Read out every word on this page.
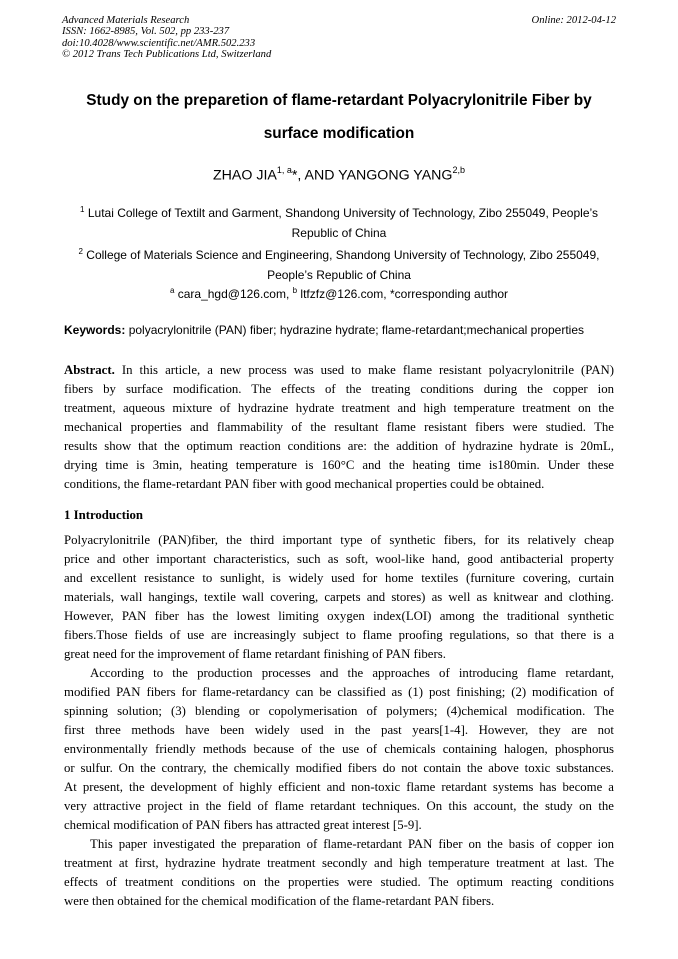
Advanced Materials Research
ISSN: 1662-8985, Vol. 502, pp 233-237
doi:10.4028/www.scientific.net/AMR.502.233
© 2012 Trans Tech Publications Ltd, Switzerland
Online: 2012-04-12
Study on the preparetion of flame-retardant Polyacrylonitrile Fiber by
surface modification
ZHAO JIA$^{1, a}$*, AND YANGONG YANG$^{2,b}$
$^1$ Lutai College of Textilt and Garment, Shandong University of Technology, Zibo 255049, People’s
Republic of China
$^2$ College of Materials Science and Engineering, Shandong University of Technology, Zibo 255049,
People’s Republic of China
$^a$ cara_hgd@126.com, $^b$ ltfzfz@126.com, *corresponding author
Keywords: polyacrylonitrile (PAN) fiber; hydrazine hydrate; flame-retardant;mechanical properties
Abstract. In this article, a new process was used to make flame resistant polyacrylonitrile (PAN)
fibers by surface modification. The effects of the treating conditions during the copper ion
treatment, aqueous mixture of hydrazine hydrate treatment and high temperature treatment on the
mechanical properties and flammability of the resultant flame resistant fibers were studied. The
results show that the optimum reaction conditions are: the addition of hydrazine hydrate is 20mL,
drying time is 3min, heating temperature is 160°C and the heating time is180min. Under these
conditions, the flame-retardant PAN fiber with good mechanical properties could be obtained.
1 Introduction
Polyacrylonitrile (PAN)fiber, the third important type of synthetic fibers, for its relatively cheap
price and other important characteristics, such as soft, wool-like hand, good antibacterial property
and excellent resistance to sunlight, is widely used for home textiles (furniture covering, curtain
materials, wall hangings, textile wall covering, carpets and stores) as well as knitwear and clothing.
However, PAN fiber has the lowest limiting oxygen index(LOI) among the traditional synthetic
fibers.Those fields of use are increasingly subject to flame proofing regulations, so that there is a
great need for the improvement of flame retardant finishing of PAN fibers.
According to the production processes and the approaches of introducing flame retardant,
modified PAN fibers for flame-retardancy can be classified as (1) post finishing; (2) modification of
spinning solution; (3) blending or copolymerisation of polymers; (4)chemical modification. The
first three methods have been widely used in the past years[1-4]. However, they are not
environmentally friendly methods because of the use of chemicals containing halogen, phosphorus
or sulfur. On the contrary, the chemically modified fibers do not contain the above toxic substances.
At present, the development of highly efficient and non-toxic flame retardant systems has become a
very attractive project in the field of flame retardant techniques. On this account, the study on the
chemical modification of PAN fibers has attracted great interest [5-9].
This paper investigated the preparation of flame-retardant PAN fiber on the basis of copper ion
treatment at first, hydrazine hydrate treatment secondly and high temperature treatment at last. The
effects of treatment conditions on the properties were studied. The optimum reacting conditions
were then obtained for the chemical modification of the flame-retardant PAN fibers.
